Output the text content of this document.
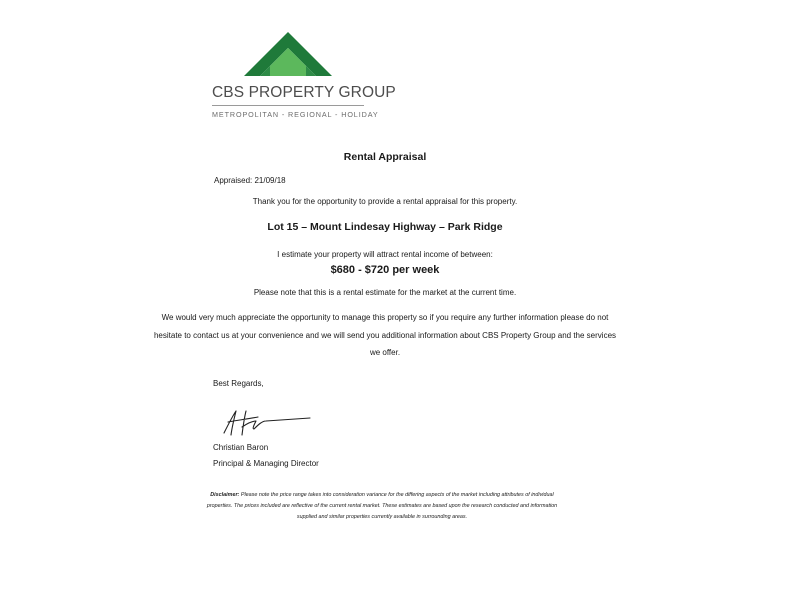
CBS PROPERTY GROUP
METROPOLITAN - REGIONAL - HOLIDAY
Rental Appraisal
Appraised: 21/09/18
Thank you for the opportunity to provide a rental appraisal for this property.
Lot 15 – Mount Lindesay Highway – Park Ridge
I estimate your property will attract rental income of between:
$680 - $720 per week
Please note that this is a rental estimate for the market at the current time.
We would very much appreciate the opportunity to manage this property so if you require any further information please do not hesitate to contact us at your convenience and we will send you additional information about CBS Property Group and the services we offer.
Best Regards,
Christian Baron
Principal & Managing Director
Disclaimer: Please note the price range takes into consideration variance for the differing aspects of the market including attributes of individual properties. The prices included are reflective of the current rental market. These estimates are based upon the research conducted and information supplied and similar properties currently available in surrounding areas.
